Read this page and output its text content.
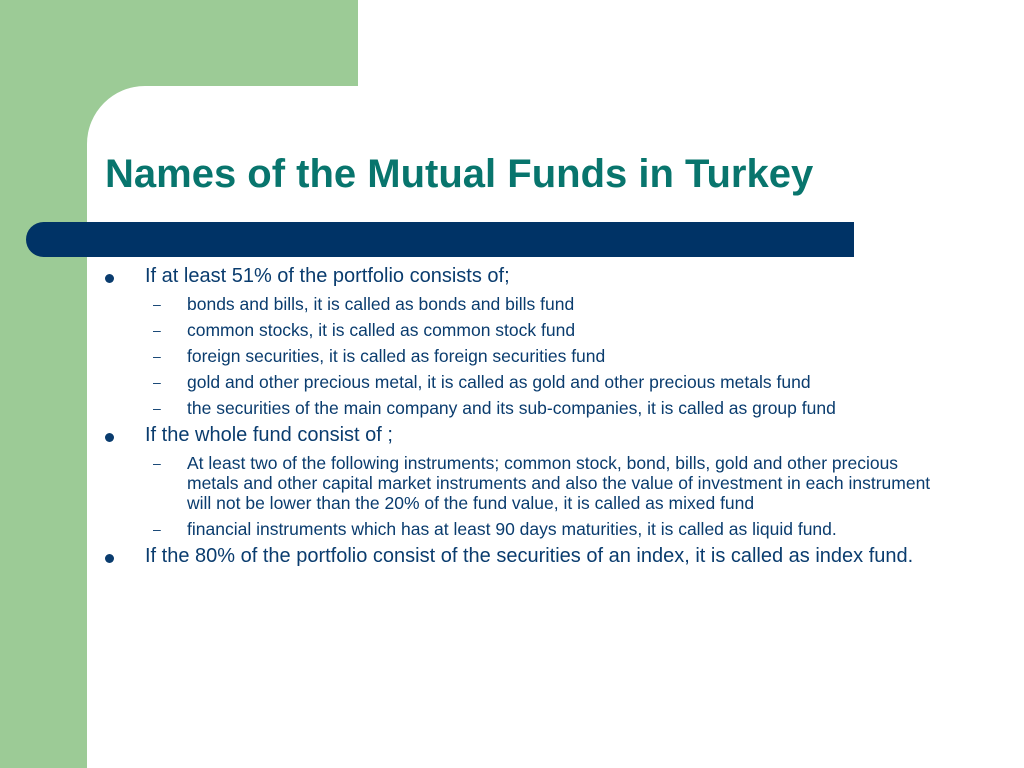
Names of the Mutual Funds in Turkey
If at least 51% of the portfolio consists of;
– bonds and bills, it is called as bonds and bills fund
– common stocks, it is called as common stock fund
– foreign securities, it is called as foreign securities fund
– gold and other precious metal, it is called as gold and other precious metals fund
– the securities of the main company and its sub-companies, it is called as group fund
If the whole fund consist of ;
– At least two of the following instruments; common stock, bond, bills, gold and other precious metals and other capital market instruments and also the value of investment in each instrument will not be lower than the 20% of the fund value, it is called as mixed fund
– financial instruments which has at least 90 days maturities, it is called as liquid fund.
If the 80% of the portfolio consist of the securities of an index, it is called as index fund.
